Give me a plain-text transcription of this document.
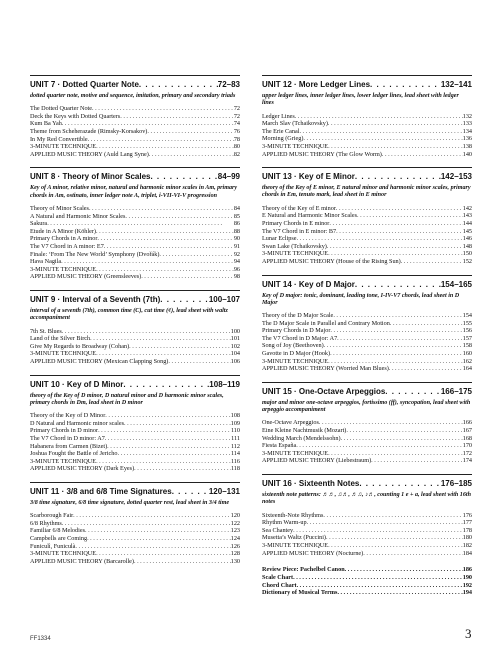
UNIT 7 · Dotted Quarter Note . . .	72–83
dotted quarter note, motive and sequence, imitation, primary and secondary triads
The Dotted Quarter Note . . .	72
Deck the Keys with Dotted Quarters . . .	72
Kum Ba Yah . . .	74
Theme from Scheherazade (Rimsky-Korsakov) . . .	76
In My Red Convertible . . .	78
3-MINUTE TECHNIQUE . . .	80
APPLIED MUSIC THEORY (Auld Lang Syne) . . .	82
UNIT 8 · Theory of Minor Scales . . .	84–99
Key of A minor, relative minor, natural and harmonic minor scales in Am, primary chords in Am, ostinato, inner ledger note A, triplet, i-VII-VI-V progression
Theory of Minor Scales . . .	84
A Natural and Harmonic Minor Scales . . .	85
Sakura . . .	86
Etude in A Minor (Köhler) . . .	88
Primary Chords in A minor . . .	90
The V7 Chord in A minor: E7 . . .	91
Finale: ‘From The New World’ Symphony (Dvořák) . . .	92
Hava Nagila . . .	94
3-MINUTE TECHNIQUE . . .	96
APPLIED MUSIC THEORY (Greensleeves) . . .	98
UNIT 9 · Interval of a Seventh (7th) . . .	100–107
interval of a seventh (7th), common time (C), cut time (¢), lead sheet with waltz accompaniment
7th St. Blues . . .	100
Land of the Silver Birch . . .	101
Give My Regards to Broadway (Cohan) . . .	102
3-MINUTE TECHNIQUE . . .	104
APPLIED MUSIC THEORY (Mexican Clapping Song) . . .	106
UNIT 10 · Key of D Minor . . .	108–119
theory of the Key of D minor, D natural minor and D harmonic minor scales, primary chords in Dm, lead sheet in D minor
Theory of the Key of D Minor . . .	108
D Natural and Harmonic minor scales . . .	109
Primary Chords in D minor . . .	110
The V7 Chord in D minor: A7 . . .	111
Habanera from Carmen (Bizet) . . .	112
Joshua Fought the Battle of Jericho . . .	114
3-MINUTE TECHNIQUE . . .	116
APPLIED MUSIC THEORY (Dark Eyes) . . .	118
UNIT 11 · 3/8 and 6/8 Time Signatures . . .	120–131
3/8 time signature, 6/8 time signature, dotted quarter rest, lead sheet in 3/4 time
Scarborough Fair . . .	120
6/8 Rhythms . . .	122
Familiar 6/8 Melodies . . .	123
Campbells are Coming . . .	124
Funiculì, Funiculà . . .	126
3-MINUTE TECHNIQUE . . .	128
APPLIED MUSIC THEORY (Barcarolle) . . .	130
UNIT 12 · More Ledger Lines . . .	132–141
upper ledger lines, inner ledger lines, lower ledger lines, lead sheet with ledger lines
Ledger Lines . . .	132
March Slav (Tchaikovsky) . . .	133
The Erie Canal . . .	134
Morning (Grieg) . . .	136
3-MINUTE TECHNIQUE . . .	138
APPLIED MUSIC THEORY (The Glow Worm) . . .	140
UNIT 13 · Key of E Minor . . .	142–153
theory of the Key of E minor, E natural minor and harmonic minor scales, primary chords in Em, tenuto mark, lead sheet in E minor
Theory of the Key of E minor . . .	142
E Natural and Harmonic Minor Scales . . .	143
Primary Chords in E minor . . .	144
The V7 Chord in E minor: B7 . . .	145
Lunar Eclipse . . .	146
Swan Lake (Tchaikovsky) . . .	148
3-MINUTE TECHNIQUE . . .	150
APPLIED MUSIC THEORY (House of the Rising Sun) . . .	152
UNIT 14 · Key of D Major . . .	154–165
Key of D major: tonic, dominant, leading tone, I-IV-V7 chords, lead sheet in D Major
Theory of the D Major Scale . . .	154
The D Major Scale in Parallel and Contrary Motion . . .	155
Primary Chords in D Major . . .	156
The V7 Chord in D Major: A7 . . .	157
Song of Joy (Beethoven) . . .	158
Gavotte in D Major (Hook) . . .	160
3-MINUTE TECHNIQUE . . .	162
APPLIED MUSIC THEORY (Worried Man Blues) . . .	164
UNIT 15 · One-Octave Arpeggios . . .	166–175
major and minor one-octave arpeggios, fortissimo (ff), syncopation, lead sheet with arpeggio accompaniment
One-Octave Arpeggios . . .	166
Eine Kleine Nachtmusik (Mozart) . . .	167
Wedding March (Mendelssohn) . . .	168
Fiesta España . . .	170
3-MINUTE TECHNIQUE . . .	172
APPLIED MUSIC THEORY (Liebestraum) . . .	174
UNIT 16 · Sixteenth Notes . . .	176–185
sixteenth note patterns: ♬♬, ♫♬, ♬♫, ♪♬, counting 1 e + a, lead sheet with 16th notes
Sixteenth-Note Rhythms . . .	176
Rhythm Warm-up . . .	177
Sea Chantey . . .	178
Musetta’s Waltz (Puccini) . . .	180
3-MINUTE TECHNIQUE . . .	182
APPLIED MUSIC THEORY (Nocturne) . . .	184
Review Piece: Pachelbel Canon . . .	186
Scale Chart . . .	190
Chord Chart . . .	192
Dictionary of Musical Terms . . .	194
FF1334	3
